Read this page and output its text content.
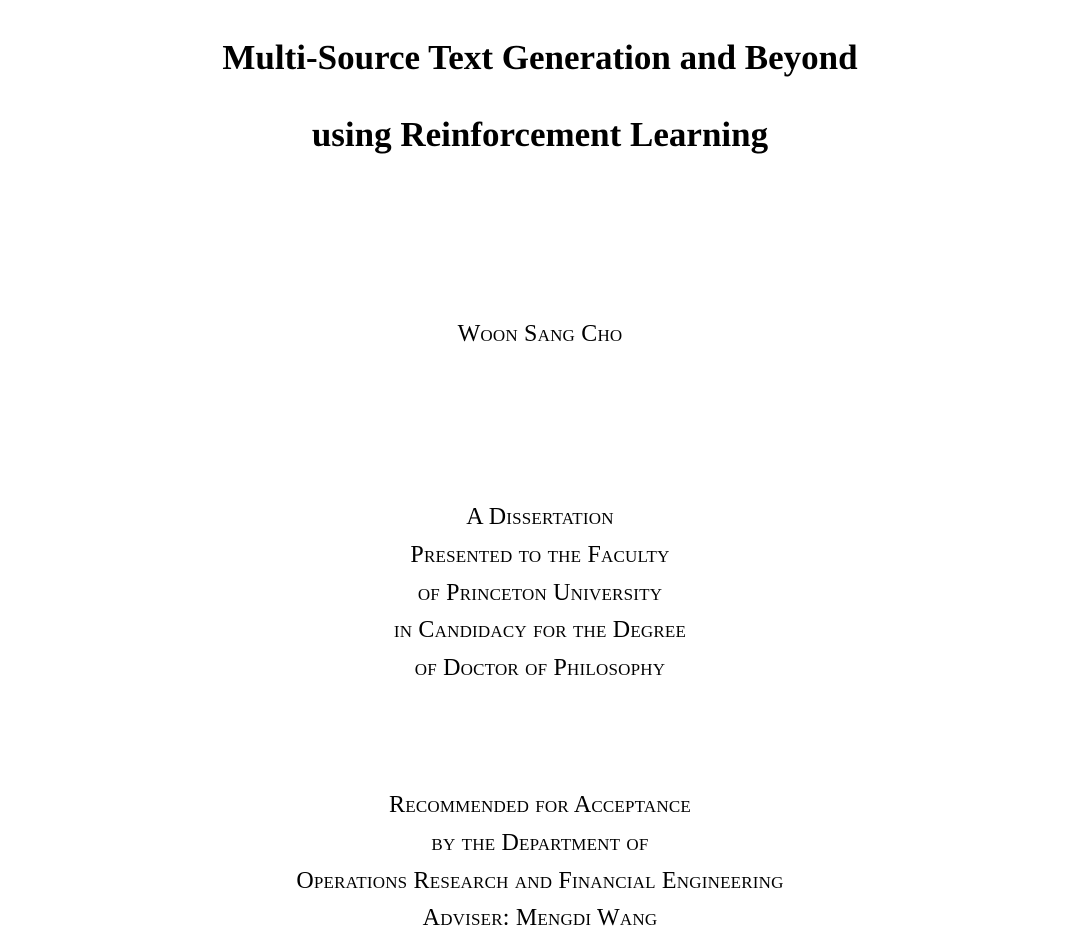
Multi-Source Text Generation and Beyond
using Reinforcement Learning
Woon Sang Cho
A Dissertation
Presented to the Faculty
of Princeton University
in Candidacy for the Degree
of Doctor of Philosophy
Recommended for Acceptance
by the Department of
Operations Research and Financial Engineering
Adviser: Mengdi Wang
